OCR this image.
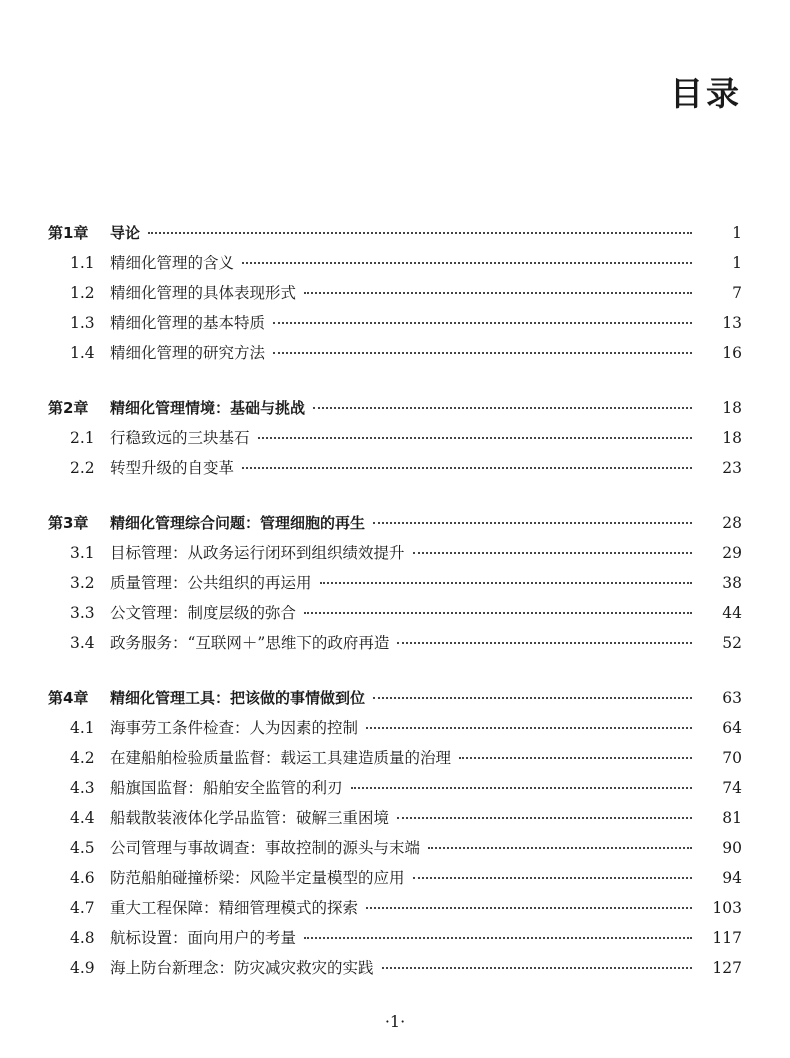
目录
第1章	导论	1
1.1 精细化管理的含义	1
1.2 精细化管理的具体表现形式	7
1.3 精细化管理的基本特质	13
1.4 精细化管理的研究方法	16
第2章	精细化管理情境：基础与挑战	18
2.1 行稳致远的三块基石	18
2.2 转型升级的自变革	23
第3章	精细化管理综合问题：管理细胞的再生	28
3.1 目标管理：从政务运行闭环到组织绩效提升	29
3.2 质量管理：公共组织的再运用	38
3.3 公文管理：制度层级的弥合	44
3.4 政务服务：“互联网＋”思维下的政府再造	52
第4章	精细化管理工具：把该做的事情做到位	63
4.1 海事劳工条件检查：人为因素的控制	64
4.2 在建船舶检验质量监督：载运工具建造质量的治理	70
4.3 船旗国监督：船舶安全监管的利刃	74
4.4 船载散装液体化学品监管：破解三重困境	81
4.5 公司管理与事故调查：事故控制的源头与末端	90
4.6 防范船舶碰撞桥梁：风险半定量模型的应用	94
4.7 重大工程保障：精细管理模式的探索	103
4.8 航标设置：面向用户的考量	117
4.9 海上防台新理念：防灾减灾救灾的实践	127
·1·
